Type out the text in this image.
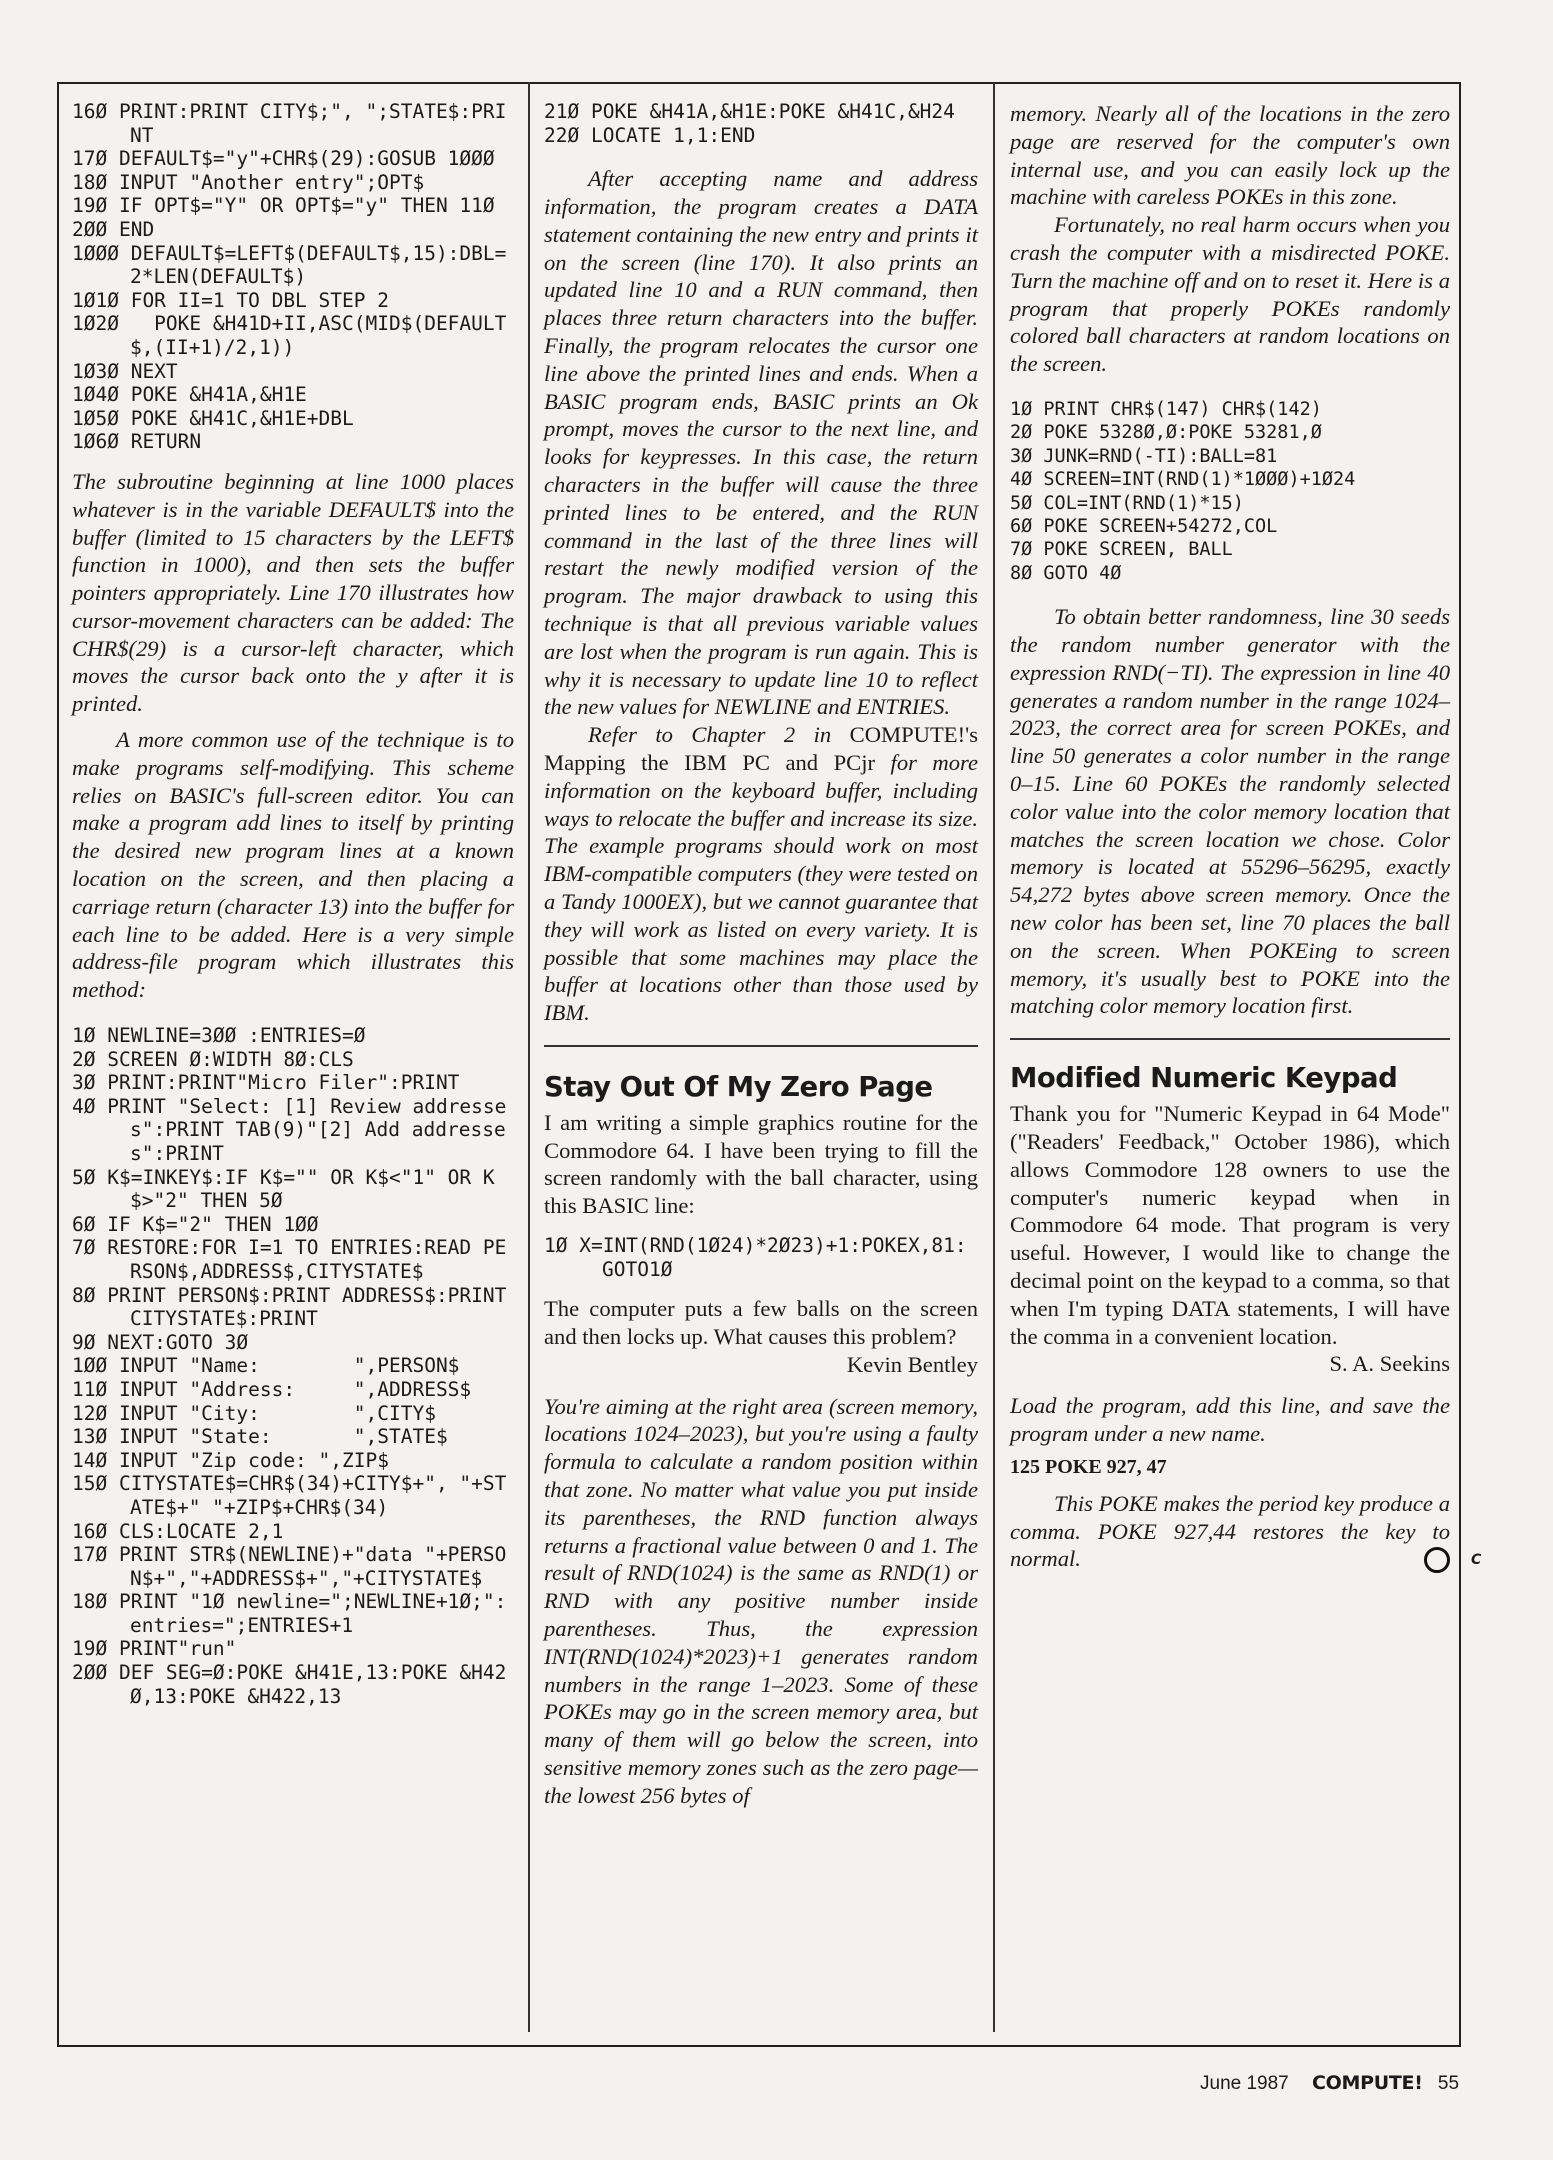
16Ø PRINT:PRINT CITY$;", ";STATE$:PRINT
17Ø DEFAULT$="y"+CHR$(29):GOSUB 1ØØØ
18Ø INPUT "Another entry";OPT$
19Ø IF OPT$="Y" OR OPT$="y" THEN 11Ø
2ØØ END
1ØØØ DEFAULT$=LEFT$(DEFAULT$,15):DBL=2*LEN(DEFAULT$)
1Ø1Ø FOR II=1 TO DBL STEP 2
1Ø2Ø   POKE &H41D+II,ASC(MID$(DEFAULT$,(II+1)/2,1))
1Ø3Ø NEXT
1Ø4Ø POKE &H41A,&H1E
1Ø5Ø POKE &H41C,&H1E+DBL
1Ø6Ø RETURN

The subroutine beginning at line 1000 places whatever is in the variable DEFAULT$ into the buffer (limited to 15 characters by the LEFT$ function in 1000), and then sets the buffer pointers appropriately. Line 170 illustrates how cursor-movement characters can be added: The CHR$(29) is a cursor-left character, which moves the cursor back onto the y after it is printed.

A more common use of the technique is to make programs self-modifying. This scheme relies on BASIC's full-screen editor. You can make a program add lines to itself by printing the desired new program lines at a known location on the screen, and then placing a carriage return (character 13) into the buffer for each line to be added. Here is a very simple address-file program which illustrates this method:

1Ø NEWLINE=3ØØ :ENTRIES=Ø
2Ø SCREEN Ø:WIDTH 8Ø:CLS
3Ø PRINT:PRINT"Micro Filer":PRINT
4Ø PRINT "Select: [1] Review addresses":PRINT TAB(9)"[2] Add addresses":PRINT
5Ø K$=INKEY$:IF K$="" OR K$<"1" OR K$>"2" THEN 5Ø
6Ø IF K$="2" THEN 1ØØ
7Ø RESTORE:FOR I=1 TO ENTRIES:READ PERSON$,ADDRESS$,CITYSTATE$
8Ø PRINT PERSON$:PRINT ADDRESS$:PRINT CITYSTATE$:PRINT
9Ø NEXT:GOTO 3Ø
1ØØ INPUT "Name:        ",PERSON$
11Ø INPUT "Address:     ",ADDRESS$
12Ø INPUT "City:        ",CITY$
13Ø INPUT "State:       ",STATE$
14Ø INPUT "Zip code: ",ZIP$
15Ø CITYSTATE$=CHR$(34)+CITY$+", "+STATE$+" "+ZIP$+CHR$(34)
16Ø CLS:LOCATE 2,1
17Ø PRINT STR$(NEWLINE)+"data "+PERSON$+","+ADDRESS$+","+CITYSTATE$
18Ø PRINT "1Ø newline=";NEWLINE+1Ø;":entries=";ENTRIES+1
19Ø PRINT"run"
2ØØ DEF SEG=Ø:POKE &H41E,13:POKE &H42Ø,13:POKE &H422,13
21Ø POKE &H41A,&H1E:POKE &H41C,&H24
22Ø LOCATE 1,1:END

After accepting name and address information, the program creates a DATA statement containing the new entry and prints it on the screen (line 170). It also prints an updated line 10 and a RUN command, then places three return characters into the buffer. Finally, the program relocates the cursor one line above the printed lines and ends. When a BASIC program ends, BASIC prints an Ok prompt, moves the cursor to the next line, and looks for keypresses. In this case, the return characters in the buffer will cause the three printed lines to be entered, and the RUN command in the last of the three lines will restart the newly modified version of the program. The major drawback to using this technique is that all previous variable values are lost when the program is run again. This is why it is necessary to update line 10 to reflect the new values for NEWLINE and ENTRIES.

Refer to Chapter 2 in COMPUTE!'s Mapping the IBM PC and PCjr for more information on the keyboard buffer, including ways to relocate the buffer and increase its size. The example programs should work on most IBM-compatible computers (they were tested on a Tandy 1000EX), but we cannot guarantee that they will work as listed on every variety. It is possible that some machines may place the buffer at locations other than those used by IBM.

Stay Out Of My Zero Page

I am writing a simple graphics routine for the Commodore 64. I have been trying to fill the screen randomly with the ball character, using this BASIC line:

1Ø X=INT(RND(1Ø24)*2Ø23)+1:POKEX,81:GOTO1Ø

The computer puts a few balls on the screen and then locks up. What causes this problem?

Kevin Bentley

You're aiming at the right area (screen memory, locations 1024–2023), but you're using a faulty formula to calculate a random position within that zone. No matter what value you put inside its parentheses, the RND function always returns a fractional value between 0 and 1. The result of RND(1024) is the same as RND(1) or RND with any positive number inside parentheses. Thus, the expression INT(RND(1024)*2023)+1 generates random numbers in the range 1–2023. Some of these POKEs may go in the screen memory area, but many of them will go below the screen, into sensitive memory zones such as the zero page—the lowest 256 bytes of

memory. Nearly all of the locations in the zero page are reserved for the computer's own internal use, and you can easily lock up the machine with careless POKEs in this zone.

Fortunately, no real harm occurs when you crash the computer with a misdirected POKE. Turn the machine off and on to reset it. Here is a program that properly POKEs randomly colored ball characters at random locations on the screen.

1Ø PRINT CHR$(147) CHR$(142)
2Ø POKE 5328Ø,Ø:POKE 53281,Ø
3Ø JUNK=RND(-TI):BALL=81
4Ø SCREEN=INT(RND(1)*1ØØØ)+1Ø24
5Ø COL=INT(RND(1)*15)
6Ø POKE SCREEN+54272,COL
7Ø POKE SCREEN, BALL
8Ø GOTO 4Ø

To obtain better randomness, line 30 seeds the random number generator with the expression RND(−TI). The expression in line 40 generates a random number in the range 1024–2023, the correct area for screen POKEs, and line 50 generates a color number in the range 0–15. Line 60 POKEs the randomly selected color value into the color memory location that matches the screen location we chose. Color memory is located at 55296–56295, exactly 54,272 bytes above screen memory. Once the new color has been set, line 70 places the ball on the screen. When POKEing to screen memory, it's usually best to POKE into the matching color memory location first.

Modified Numeric Keypad

Thank you for "Numeric Keypad in 64 Mode" ("Readers' Feedback," October 1986), which allows Commodore 128 owners to use the computer's numeric keypad when in Commodore 64 mode. That program is very useful. However, I would like to change the decimal point on the keypad to a comma, so that when I'm typing DATA statements, I will have the comma in a convenient location.

S. A. Seekins

Load the program, add this line, and save the program under a new name.

125 POKE 927, 47

This POKE makes the period key produce a comma. POKE 927,44 restores the key to normal.	C

June 1987 COMPUTE! 55
